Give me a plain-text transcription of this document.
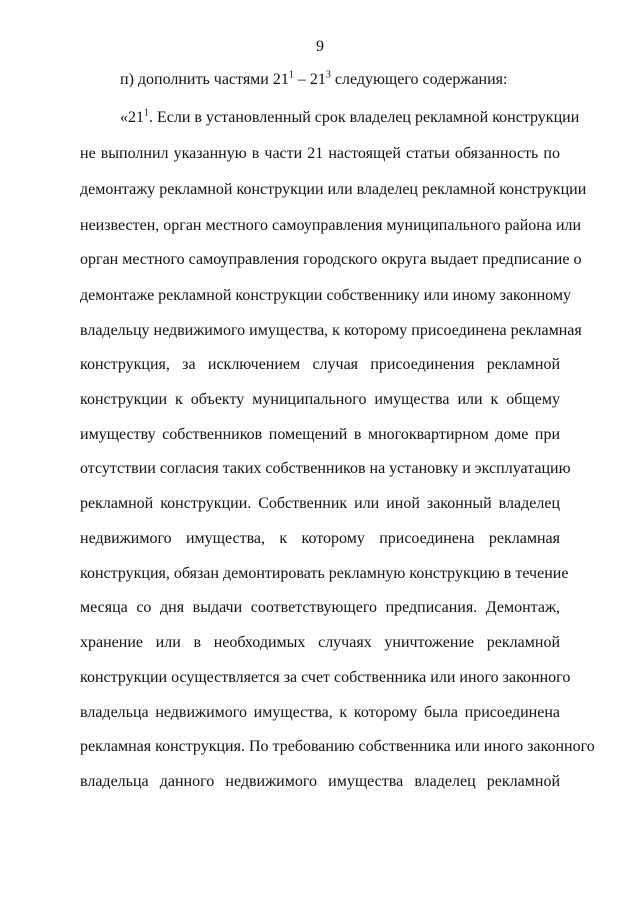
9
п) дополнить частями $21^1 - 21^3$ следующего содержания:
«$21^1$. Если в установленный срок владелец рекламной конструкции
не выполнил указанную в части 21 настоящей статьи обязанность по
демонтажу рекламной конструкции или владелец рекламной конструкции
неизвестен, орган местного самоуправления муниципального района или
орган местного самоуправления городского округа выдает предписание о
демонтаже рекламной конструкции собственнику или иному законному
владельцу недвижимого имущества, к которому присоединена рекламная
конструкция, за исключением случая присоединения рекламной
конструкции к объекту муниципального имущества или к общему
имуществу собственников помещений в многоквартирном доме при
отсутствии согласия таких собственников на установку и эксплуатацию
рекламной конструкции. Собственник или иной законный владелец
недвижимого имущества, к которому присоединена рекламная
конструкция, обязан демонтировать рекламную конструкцию в течение
месяца со дня выдачи соответствующего предписания. Демонтаж,
хранение или в необходимых случаях уничтожение рекламной
конструкции осуществляется за счет собственника или иного законного
владельца недвижимого имущества, к которому была присоединена
рекламная конструкция. По требованию собственника или иного законного
владельца данного недвижимого имущества владелец рекламной
